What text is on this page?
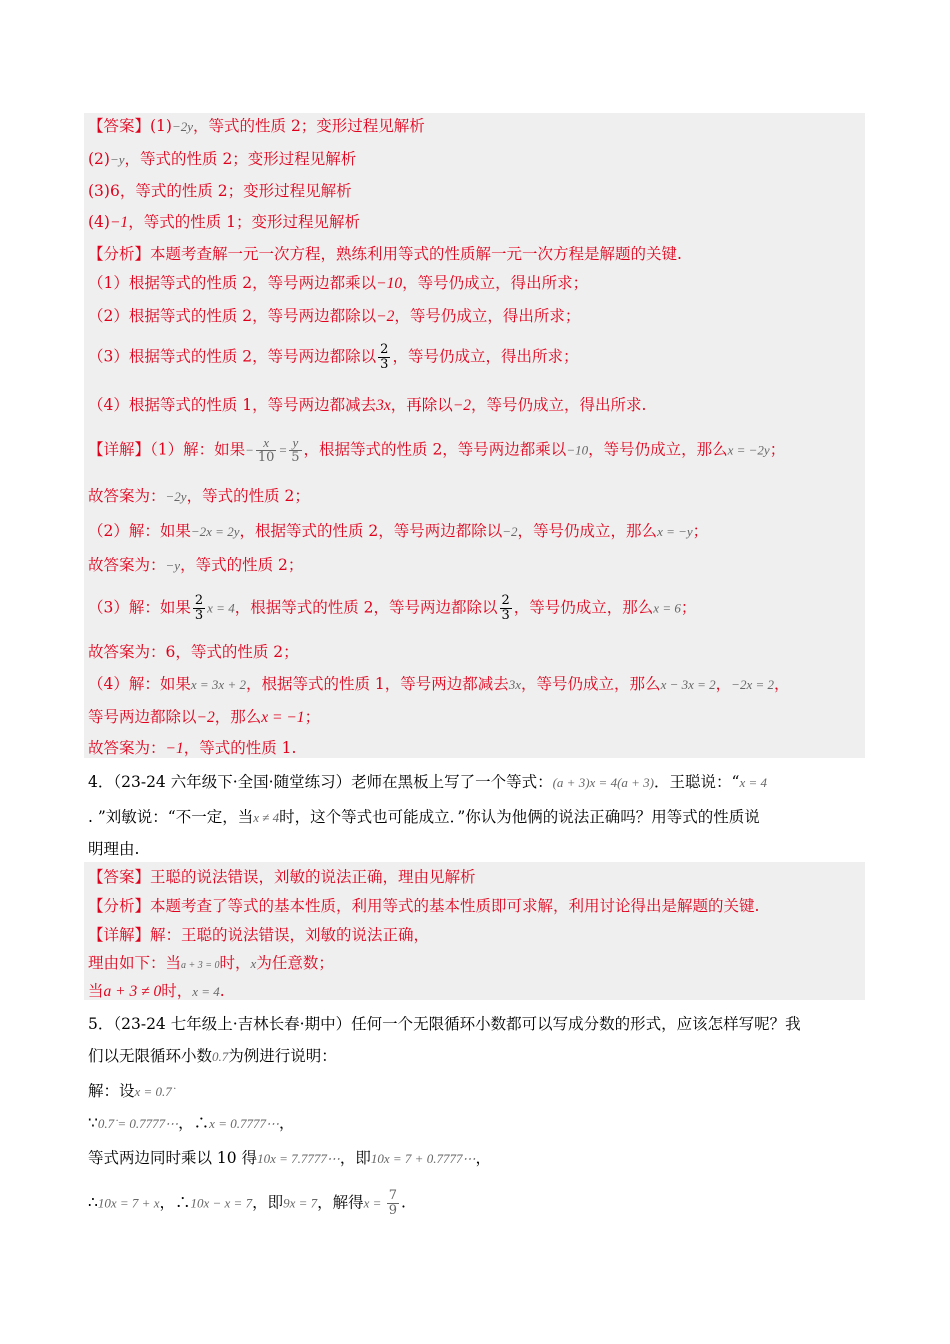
【答案】(1)−2y，等式的性质 2；变形过程见解析
(2)−y，等式的性质 2；变形过程见解析
(3)6，等式的性质 2；变形过程见解析
(4)−1，等式的性质 1；变形过程见解析
【分析】本题考查解一元一次方程，熟练利用等式的性质解一元一次方程是解题的关键.
（1）根据等式的性质 2，等号两边都乘以−10，等号仍成立，得出所求；
（2）根据等式的性质 2，等号两边都除以−2，等号仍成立，得出所求；
（3）根据等式的性质 2，等号两边都除以 $\frac{2}{3}$ ，等号仍成立，得出所求；
（4）根据等式的性质 1，等号两边都减去3x，再除以−2，等号仍成立，得出所求.
【详解】（1）解：如果− $\frac{x}{10} = \frac{y}{5}$ ，根据等式的性质 2，等号两边都乘以−10，等号仍成立，那么x = −2y；
故答案为：−2y，等式的性质 2；
（2）解：如果−2x = 2y，根据等式的性质 2，等号两边都除以−2，等号仍成立，那么x = −y；
故答案为：−y，等式的性质 2；
（3）解：如果 $\frac{2}{3}$ x = 4，根据等式的性质 2，等号两边都除以 $\frac{2}{3}$ ，等号仍成立，那么x = 6；
故答案为：6，等式的性质 2；
（4）解：如果x = 3x + 2，根据等式的性质 1，等号两边都减去3x，等号仍成立，那么x − 3x = 2，−2x = 2，
等号两边都除以−2，那么x = −1；
故答案为：−1，等式的性质 1.
4．（23-24 六年级下·全国·随堂练习）老师在黑板上写了一个等式：(a + 3)x = 4(a + 3)．王聪说：“x = 4
. ”刘敏说：“不一定，当x ≠ 4时，这个等式也可能成立．”你认为他俩的说法正确吗？用等式的性质说
明理由.
【答案】王聪的说法错误，刘敏的说法正确，理由见解析
【分析】本题考查了等式的基本性质，利用等式的基本性质即可求解，利用讨论得出是解题的关键.
【详解】解：王聪的说法错误，刘敏的说法正确，
理由如下：当a + 3 = 0时，x为任意数；
当a + 3 ≠ 0时，x = 4.
5．（23-24 七年级上·吉林长春·期中）任何一个无限循环小数都可以写成分数的形式，应该怎样写呢？我
们以无限循环小数0.7̇为例进行说明：
解：设x = 0.7̇
∵0.7̇ = 0.7777⋯，∴x = 0.7777⋯，
等式两边同时乘以 10 得10x = 7.7777⋯，即10x = 7 + 0.7777⋯，
∴10x = 7 + x，∴10x − x = 7，即9x = 7，解得$x = \frac{7}{9}$ .
